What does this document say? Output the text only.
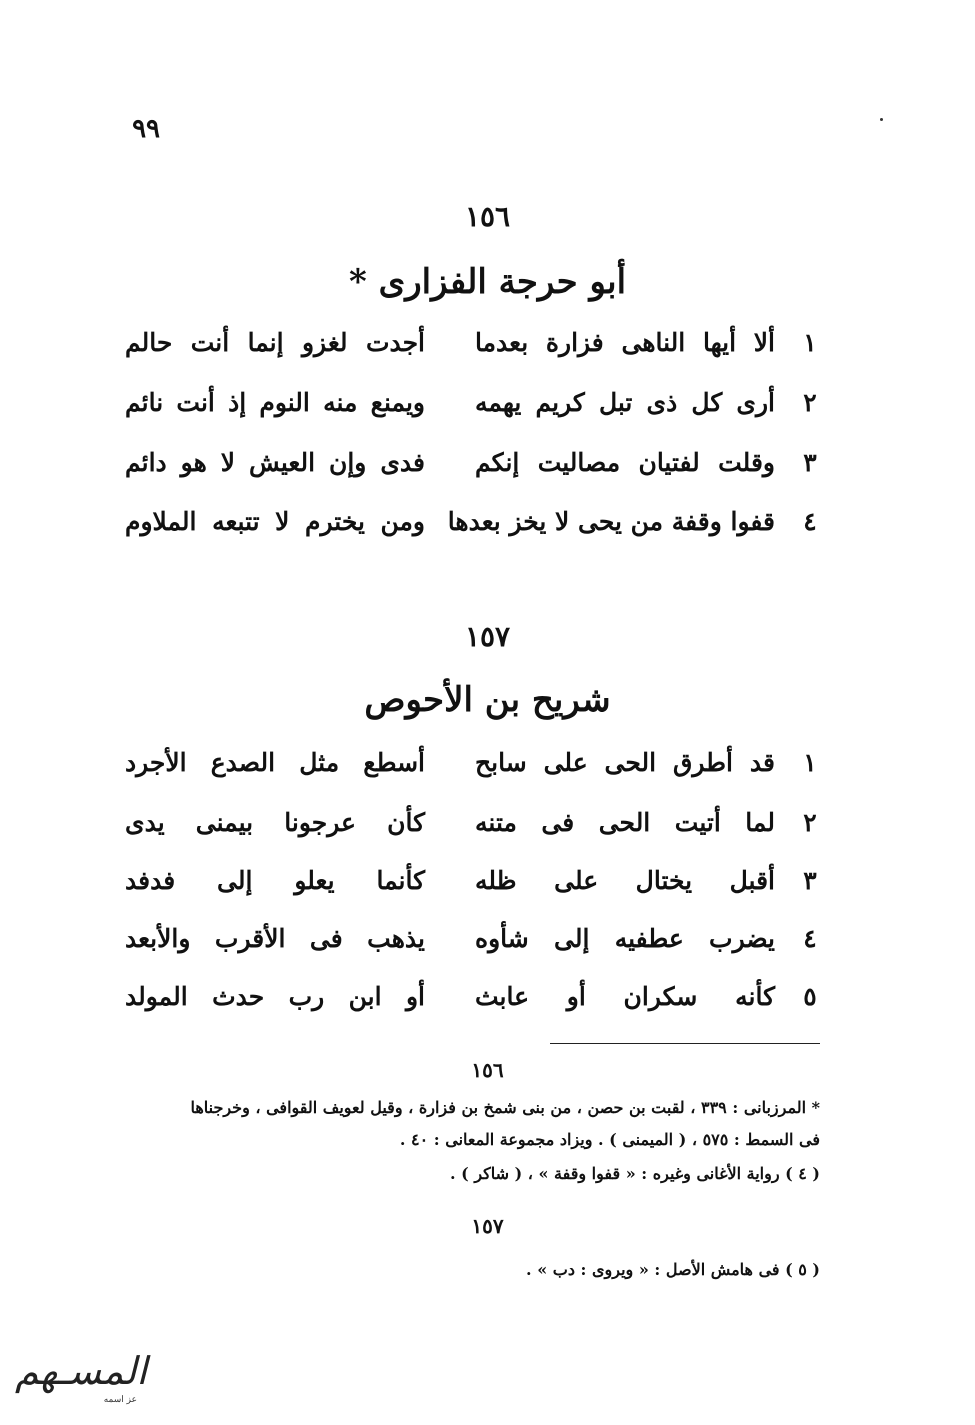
٩٩
١٥٦
أبو حرجة الفزارى *
١
ألا أيها الناهى فزارة بعدما
أجدت لغزو إنما أنت حالم
٢
أرى كل ذى تبل كريم يهمه
ويمنع منه النوم إذ أنت نائم
٣
وقلت لفتيان مصاليت إنكم
فدى وإن العيش لا هو دائم
٤
قفوا وقفة من يحى لا يخز بعدها
ومن يخترم لا تتبعه الملاوم
١٥٧
شريح بن الأحوص
١
قد أطرق الحى على سابح
أسطع مثل الصدع الأجرد
٢
لما أتيت الحى فى متنه
كأن عرجونا بيمنى يدى
٣
أقبل يختال على ظله
كأنما يعلو إلى فدفد
٤
يضرب عطفيه إلى شأوه
يذهب فى الأقرب والأبعد
٥
كأنه سكران أو عابث
أو ابن رب حدث المولد
١٥٦
* المرزبانى : ٣٣٩ ، لقبت بن حصن ، من بنى شمخ بن فزارة ، وقيل لعويف القوافى ، وخرجناها
فى السمط : ٥٧٥ ، ( الميمنى ) . ويزاد مجموعة المعانى : ٤٠ .
( ٤ ) رواية الأغانى وغيره : « قفوا وقفة » ، ( شاكر ) .
١٥٧
( ٥ ) فى هامش الأصل : « ويروى : دب » .
المسـهم
عز اسمه
